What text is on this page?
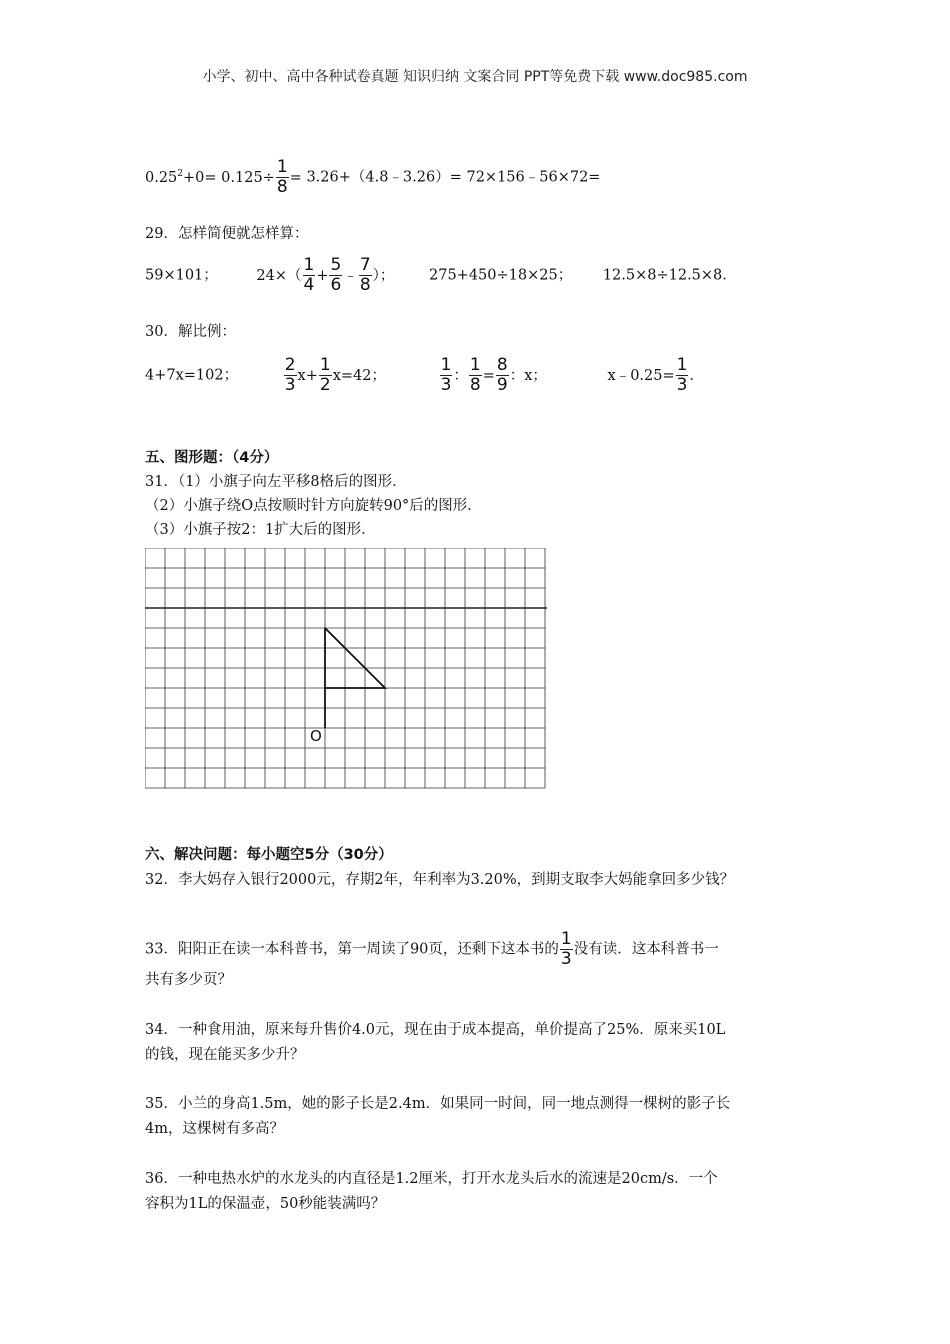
小学、初中、高中各种试卷真题 知识归纳 文案合同 PPT等免费下载 www.doc985.com
$0.25^2+0= 0.125\div \frac{1}{8}$ = 3.26+（4.8﹣3.26）= 72×156﹣56×72=
29．怎样简便就怎样算：
59×101；	$24\times( \frac{1}{4} + \frac{5}{6}$ ﹣ $\frac{7}{8}$ ）； 275+450÷18×25； 12.5×8÷12.5×8．
30．解比例：
4+7x=102；	$\frac{2}{3} x+ \frac{1}{2} x=42$；	$\frac{1}{3}$ ： $\frac{1}{8} = \frac{8}{9}$ ：x；	x﹣0.25= $\frac{1}{3}$ ．
五、图形题：（4分）
31．（1）小旗子向左平移8格后的图形．
（2）小旗子绕O点按顺时针方向旋转90°后的图形．
（3）小旗子按2：1扩大后的图形．
O
六、解决问题：每小题空5分（30分）
32．李大妈存入银行2000元，存期2年，年利率为3.20%，到期支取李大妈能拿回多少钱？
33．阳阳正在读一本科普书，第一周读了90页，还剩下这本书的 $\frac{1}{3}$ 没有读．这本科普书一
共有多少页？
34．一种食用油，原来每升售价4.0元，现在由于成本提高，单价提高了25%．原来买10L
的钱，现在能买多少升？
35．小兰的身高1.5m，她的影子长是2.4m．如果同一时间，同一地点测得一棵树的影子长
4m，这棵树有多高？
36．一种电热水炉的水龙头的内直径是1.2厘米，打开水龙头后水的流速是20cm/s．一个
容积为1L的保温壶，50秒能装满吗？
